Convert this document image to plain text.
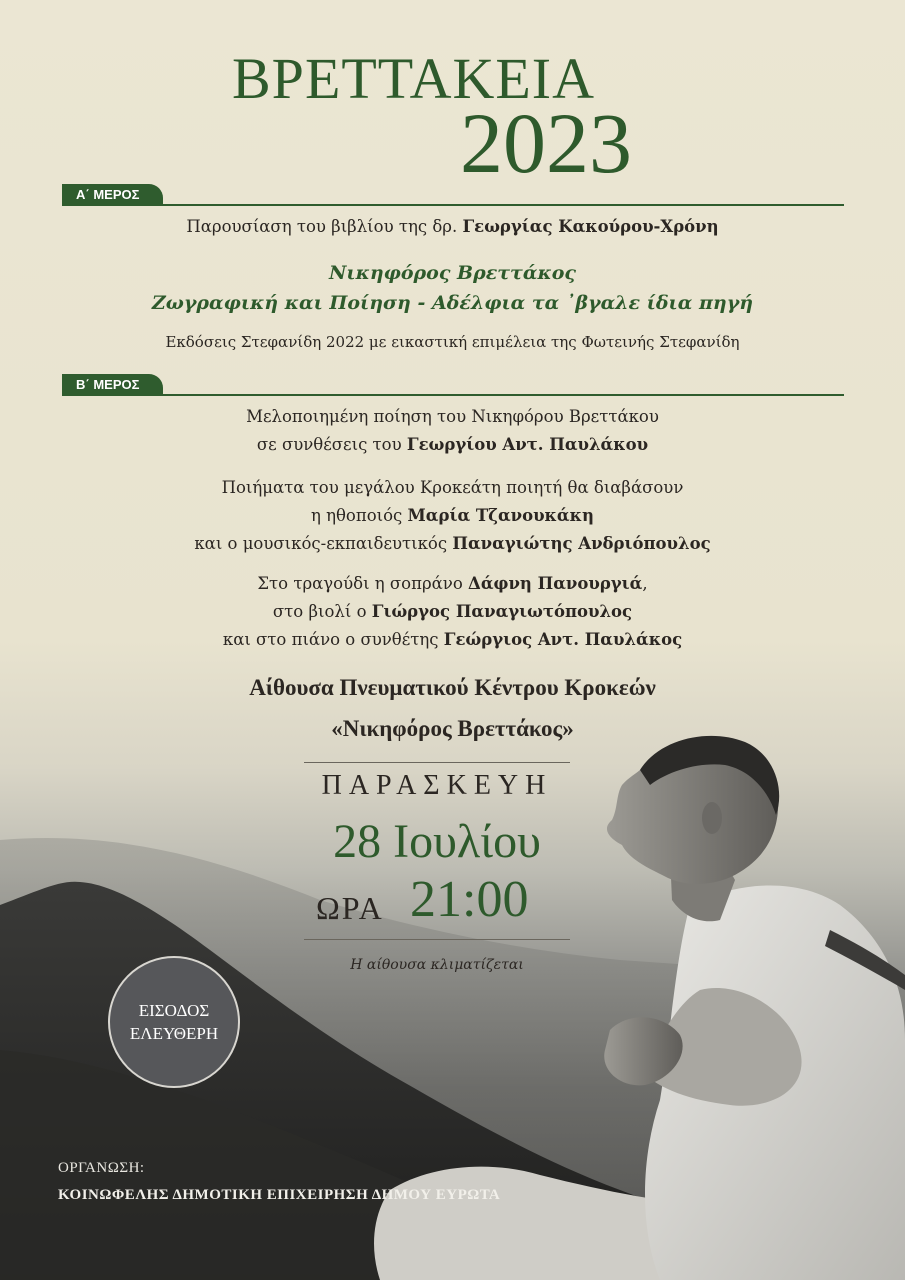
ΒΡΕΤΤΑΚΕΙΑ
2023
Α΄ ΜΕΡΟΣ
Παρουσίαση του βιβλίου της δρ. Γεωργίας Κακούρου-Χρόνη
Νικηφόρος Βρεττάκος
Ζωγραφική και Ποίηση - Αδέλφια τα ᾽βγαλε ίδια πηγή
Εκδόσεις Στεφανίδη 2022 με εικαστική επιμέλεια της Φωτεινής Στεφανίδη
Β΄ ΜΕΡΟΣ
Μελοποιημένη ποίηση του Νικηφόρου Βρεττάκου
σε συνθέσεις του Γεωργίου Αντ. Παυλάκου
Ποιήματα του μεγάλου Κροκεάτη ποιητή θα διαβάσουν
η ηθοποιός Μαρία Τζανουκάκη
και ο μουσικός-εκπαιδευτικός Παναγιώτης Ανδριόπουλος
Στο τραγούδι η σοπράνο Δάφνη Πανουργιά,
στο βιολί ο Γιώργος Παναγιωτόπουλος
και στο πιάνο ο συνθέτης Γεώργιος Αντ. Παυλάκος
Αίθουσα Πνευματικού Κέντρου Κροκεών
«Νικηφόρος Βρεττάκος»
ΠΑΡΑΣΚΕΥΗ
28 Ιουλίου
ΩΡΑ 21:00
Η αίθουσα κλιματίζεται
ΕΙΣΟΔΟΣ
ΕΛΕΥΘΕΡΗ
ΟΡΓΑΝΩΣΗ:
ΚΟΙΝΩΦΕΛΗΣ ΔΗΜΟΤΙΚΗ ΕΠΙΧΕΙΡΗΣΗ ΔΗΜΟΥ ΕΥΡΩΤΑ
